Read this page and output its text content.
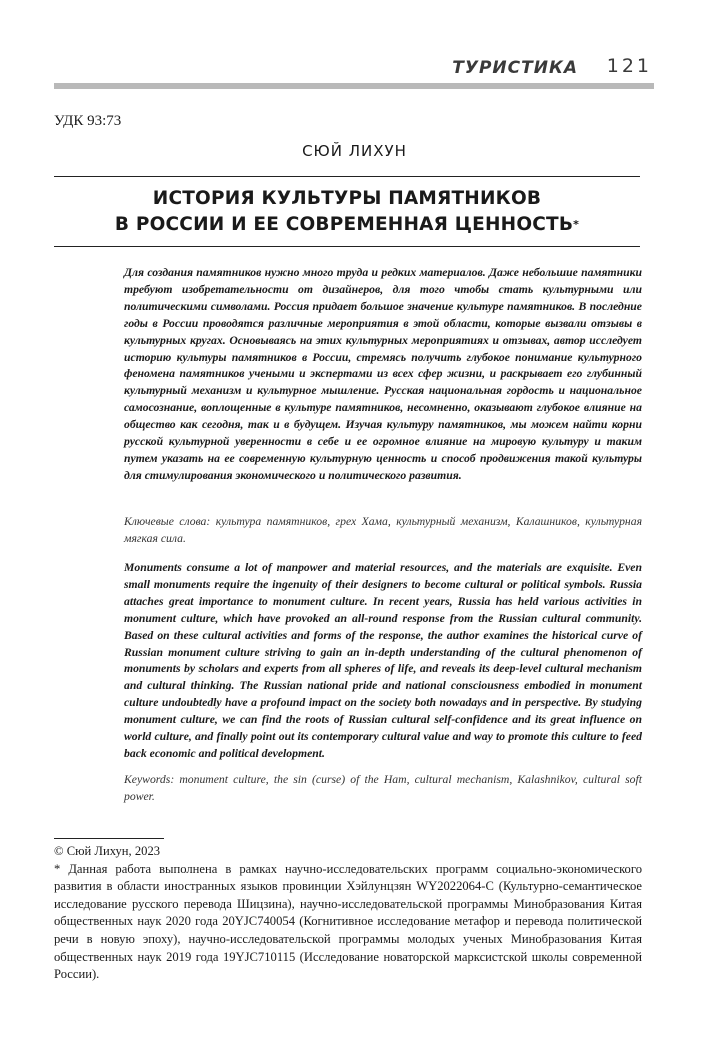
ТУРИСТИКА 121
УДК 93:73
СЮЙ ЛИХУН
ИСТОРИЯ КУЛЬТУРЫ ПАМЯТНИКОВ
В РОССИИ И ЕЕ СОВРЕМЕННАЯ ЦЕННОСТЬ*
Для создания памятников нужно много труда и редких материалов. Даже небольшие памятники требуют изобретательности от дизайнеров, для того чтобы стать культурными или политическими символами. Россия придает большое значение культуре памятников. В последние годы в России проводятся различные мероприятия в этой области, которые вызвали отзывы в культурных кругах. Основываясь на этих культурных мероприятиях и отзывах, автор исследует историю культуры памятников в России, стремясь получить глубокое понимание культурного феномена памятников учеными и экспертами из всех сфер жизни, и раскрывает его глубинный культурный механизм и культурное мышление. Русская национальная гордость и национальное самосознание, воплощенные в культуре памятников, несомненно, оказывают глубокое влияние на общество как сегодня, так и в будущем. Изучая культуру памятников, мы можем найти корни русской культурной уверенности в себе и ее огромное влияние на мировую культуру и таким путем указать на ее современную культурную ценность и способ продвижения такой культуры для стимулирования экономического и политического развития.
Ключевые слова: культура памятников, грех Хама, культурный механизм, Калашников, культурная мягкая сила.
Monuments consume a lot of manpower and material resources, and the materials are exquisite. Even small monuments require the ingenuity of their designers to become cultural or political symbols. Russia attaches great importance to monument culture. In recent years, Russia has held various activities in monument culture, which have provoked an all-round response from the Russian cultural community. Based on these cultural activities and forms of the response, the author examines the historical curve of Russian monument culture striving to gain an in-depth understanding of the cultural phenomenon of monuments by scholars and experts from all spheres of life, and reveals its deep-level cultural mechanism and cultural thinking. The Russian national pride and national consciousness embodied in monument culture undoubtedly have a profound impact on the society both nowadays and in perspective. By studying monument culture, we can find the roots of Russian cultural self-confidence and its great influence on world culture, and finally point out its contemporary cultural value and way to promote this culture to feed back economic and political development.
Keywords: monument culture, the sin (curse) of the Ham, cultural mechanism, Kalashnikov, cultural soft power.
© Сюй Лихун, 2023
* Данная работа выполнена в рамках научно-исследовательских программ социально-экономического развития в области иностранных языков провинции Хэйлунцзян WY2022064-C (Культурно-семантическое исследование русского перевода Шицзина), научно-исследовательской программы Минобразования Китая общественных наук 2020 года 20YJC740054 (Когнитивное исследование метафор и перевода политической речи в новую эпоху), научно-исследовательской программы молодых ученых Минобразования Китая общественных наук 2019 года 19YJC710115 (Исследование новаторской марксистской школы современной России).
